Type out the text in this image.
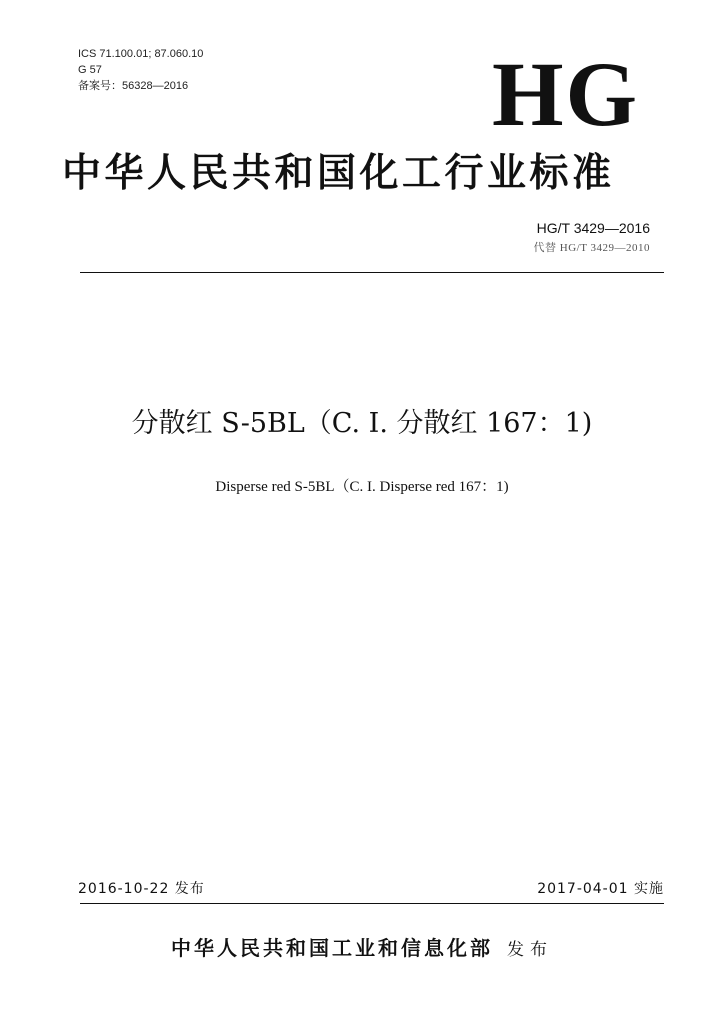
ICS 71.100.01; 87.060.10
G 57
备案号：56328—2016	HG
中华人民共和国化工行业标准
HG/T 3429—2016
代替 HG/T 3429—2010
分散红 S-5BL（C. I. 分散红 167：1)
Disperse red S-5BL（C. I. Disperse red 167：1)
2016-10-22 发布	2017-04-01 实施
中华人民共和国工业和信息化部 发布
